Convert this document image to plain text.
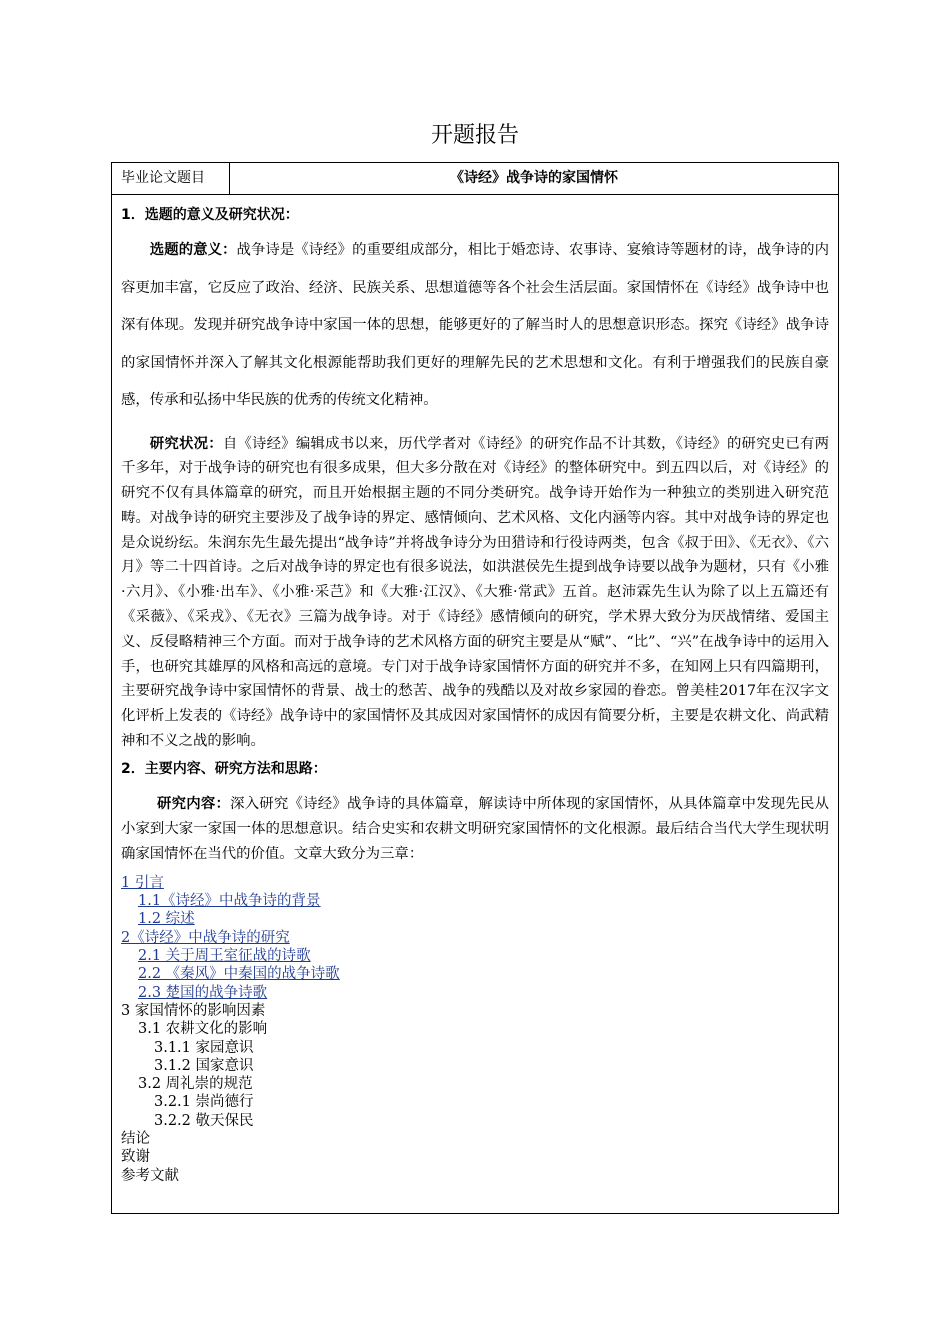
开题报告
毕业论文题目	《诗经》战争诗的家国情怀

1．选题的意义及研究状况：

选题的意义：战争诗是《诗经》的重要组成部分，相比于婚恋诗、农事诗、宴飨诗等题材的诗，战争诗的内容更加丰富，它反应了政治、经济、民族关系、思想道德等各个社会生活层面。家国情怀在《诗经》战争诗中也深有体现。发现并研究战争诗中家国一体的思想，能够更好的了解当时人的思想意识形态。探究《诗经》战争诗的家国情怀并深入了解其文化根源能帮助我们更好的理解先民的艺术思想和文化。有利于增强我们的民族自豪感，传承和弘扬中华民族的优秀的传统文化精神。

研究状况：自《诗经》编辑成书以来，历代学者对《诗经》的研究作品不计其数，《诗经》的研究史已有两千多年，对于战争诗的研究也有很多成果，但大多分散在对《诗经》的整体研究中。到五四以后，对《诗经》的研究不仅有具体篇章的研究，而且开始根据主题的不同分类研究。战争诗开始作为一种独立的类别进入研究范畴。对战争诗的研究主要涉及了战争诗的界定、感情倾向、艺术风格、文化内涵等内容。其中对战争诗的界定也是众说纷纭。朱润东先生最先提出“战争诗”并将战争诗分为田猎诗和行役诗两类，包含《叔于田》、《无衣》、《六月》等二十四首诗。之后对战争诗的界定也有很多说法，如洪湛侯先生提到战争诗要以战争为题材，只有《小雅·六月》、《小雅·出车》、《小雅·采芑》和《大雅·江汉》、《大雅·常武》五首。赵沛霖先生认为除了以上五篇还有《采薇》、《采戎》、《无衣》三篇为战争诗。对于《诗经》感情倾向的研究，学术界大致分为厌战情绪、爱国主义、反侵略精神三个方面。而对于战争诗的艺术风格方面的研究主要是从“赋”、“比”、“兴”在战争诗中的运用入手，也研究其雄厚的风格和高远的意境。专门对于战争诗家国情怀方面的研究并不多，在知网上只有四篇期刊，主要研究战争诗中家国情怀的背景、战士的愁苦、战争的残酷以及对故乡家园的眷恋。曾美桂2017年在汉字文化评析上发表的《诗经》战争诗中的家国情怀及其成因对家国情怀的成因有简要分析，主要是农耕文化、尚武精神和不义之战的影响。

2．主要内容、研究方法和思路：

研究内容：深入研究《诗经》战争诗的具体篇章，解读诗中所体现的家国情怀，从具体篇章中发现先民从小家到大家一家国一体的思想意识。结合史实和农耕文明研究家国情怀的文化根源。最后结合当代大学生现状明确家国情怀在当代的价值。文章大致分为三章：

1 引言
1.1《诗经》中战争诗的背景
1.2 综述
2《诗经》中战争诗的研究
2.1 关于周王室征战的诗歌
2.2 《秦风》中秦国的战争诗歌
2.3 楚国的战争诗歌
3 家国情怀的影响因素
3.1 农耕文化的影响
3.1.1 家园意识
3.1.2 国家意识
3.2 周礼崇的规范
3.2.1 崇尚德行
3.2.2 敬天保民
结论
致谢
参考文献
